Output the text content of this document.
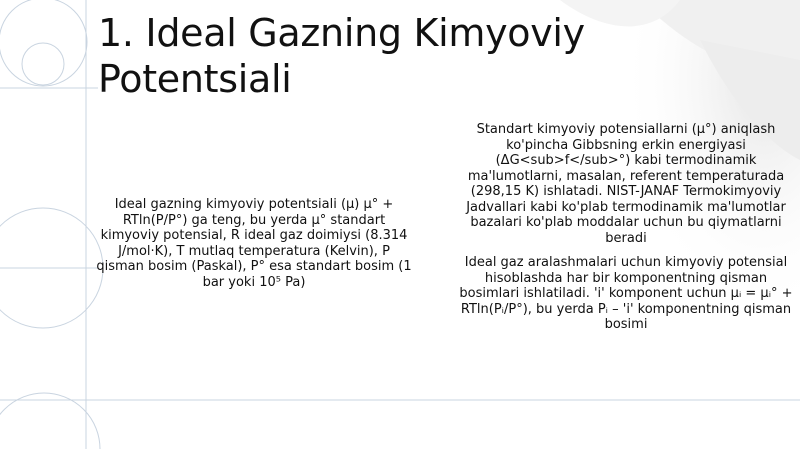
1. Ideal Gazning Kimyoviy Potentsiali

Ideal gazning kimyoviy potentsiali (μ) μ° + RTln(P/P°) ga teng, bu yerda μ° standart kimyoviy potensial, R ideal gaz doimiysi (8.314 J/mol·K), T mutlaq temperatura (Kelvin), P qisman bosim (Paskal), P° esa standart bosim (1 bar yoki 10⁵ Pa)

Standart kimyoviy potensiallarni (μ°) aniqlash ko'pincha Gibbsning erkin energiyasi (ΔG<sub>f</sub>°) kabi termodinamik ma'lumotlarni, masalan, referent temperaturada (298,15 K) ishlatadi. NIST-JANAF Termokimyoviy Jadvallari kabi ko'plab termodinamik ma'lumotlar bazalari ko'plab moddalar uchun bu qiymatlarni beradi

Ideal gaz aralashmalari uchun kimyoviy potensial hisoblashda har bir komponentning qisman bosimlari ishlatiladi. 'i' komponent uchun μᵢ = μᵢ° + RTln(Pᵢ/P°), bu yerda Pᵢ – 'i' komponentning qisman bosimi
